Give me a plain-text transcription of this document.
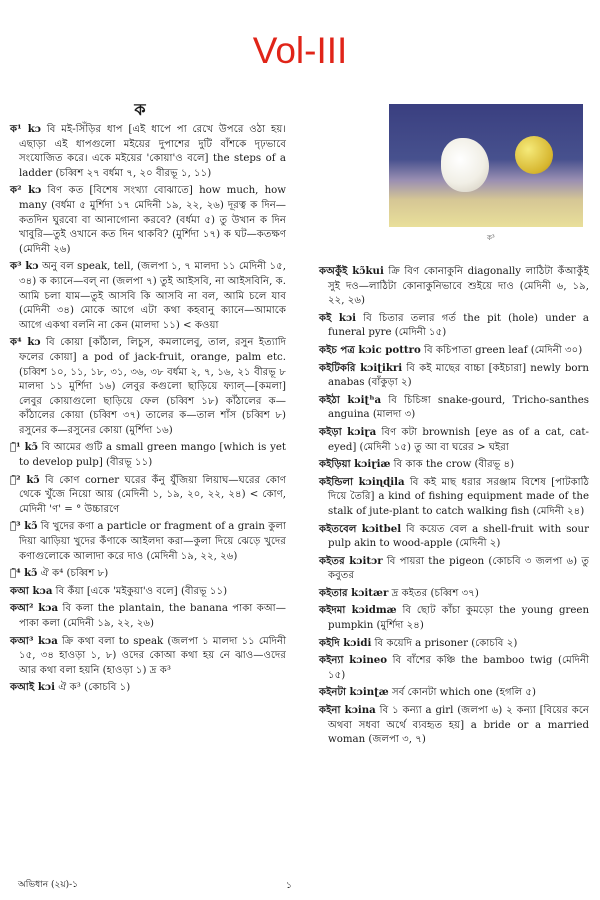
Vol-III
ক
ক³
ক¹ kɔ বি মই-সিঁড়ির ধাপ [এই ধাপে পা রেখে উপরে ওঠা হয়। এছাড়া এই ধাপগুলো মইয়ের দুপাশের দুটি বাঁশকে দৃঢ়ভাবে সংযোজিত করে। একে মইয়ের 'কোয়া'ও বলে] the steps of a ladder (চব্বিশ ২৭ বর্ধমা ৭, ২০ বীরভূ ১, ১১)
ক² kɔ বিণ কত [বিশেষ সংখ্যা বোঝাতে] how much, how many (বর্ধমা ৫ মুর্শিদা ১৭ মেদিনী ১৯, ২২, ২৬) দূরত্ব ক দিন—কতদিন ঘুরবো বা আনাগোনা করবে? (বর্ধমা ৫) তু উখান ক দিন খাবুরি—তুই ওখানে কত দিন থাকবি? (মুর্শিদা ১৭) ক ঘট—কতক্ষণ (মেদিনী ২৬)
ক³ kɔ অনু বল speak, tell, (জলপা ১, ৭ মালদা ১১ মেদিনী ১৫, ৩৪) ক ক্যানে—বল্ না (জলপা ৭) তুই আইসবি, না আইসবিনি, ক. আমি চলা যাম—তুই আসবি কি আসবি না বল, আমি চলে যাব (মেদিনী ৩৪) মোকে আগে এটা কথা কহবানু ক্যানে—আমাকে আগে একথা বলনি না কেন (মালদা ১১) < কওয়া
ক⁴ kɔ বি কোয়া [কাঁঠাল, লিচুস, কমলালেবু, তাল, রসুন ইত্যাদি ফলের কোয়া] a pod of jack-fruit, orange, palm etc. (চব্বিশ ১০, ১১, ১৮, ৩১, ৩৬, ৩৮ বর্ধমা ২, ৭, ১৬, ২১ বীরভূ ৮ মালদা ১১ মুর্শিদা ১৬) লেবুর কগুলো ছাড়িয়ে ফ্যাল্—[কমলা] লেবুর কোয়াগুলো ছাড়িয়ে ফেল (চব্বিশ ১৮) কাঁঠালের ক—কাঁঠালের কোয়া (চব্বিশ ৩৭) তালের ক—তাল শাঁস (চব্বিশ ৮) রসুনের ক—রসুনের কোয়া (মুর্শিদা ১৬)
ক̃¹ kɔ̃ বি আমের গুটি a small green mango [which is yet to develop pulp] (বীরভূ ১১)
ক̃² kɔ̃ বি কোণ corner ঘরের কঁনু যুঁজিয়া লিয়াঘ—ঘরের কোণ থেকে খুঁজে নিয়ো আয় (মেদিনী ১, ১৯, ২০, ২২, ২৪) < কোণ, মেদিনী 'ণ' = ° উচ্চারণে
ক̃³ kɔ̃ বি খুদের কণা a particle or fragment of a grain কুলা দিয়া ঝাড়িয়া খুদের কঁণাকে আইলদা করা—কুলা দিয়ে ঝেড়ে খুদের কণাগুলোকে আলাদা করে দাও (মেদিনী ১৯, ২২, ২৬)
ক̃⁴ kɔ̃ ঐ ক⁴ (চব্বিশ ৮)
কআ kɔa বি কঁয়া [একে 'মইকুয়া'ও বলে] (বীরভূ ১১)
কআ² kɔa বি কলা the plantain, the banana পাকা কআ—পাকা কলা (মেদিনী ১৯, ২২, ২৬)
কআ³ kɔa ক্রি কথা বলা to speak (জলপা ১ মালদা ১১ মেদিনী ১৫, ৩৪ হাওড়া ১, ৮) ওদের কোআ কথা হয় নে ঝাও—ওদের আর কথা বলা হয়নি (হাওড়া ১) দ্র ক³
কআই kɔi ঐ ক³ (কোচবি ১)
কঅকুঁই kɔ̃kui ক্রি বিণ কোনাকুনি diagonally লাঠিটা কঁআকুঁই সুই দও—লাঠিটা কোনাকুনিভাবে শুইয়ে দাও (মেদিনী ৬, ১৯, ২২, ২৬)
কই kɔi বি চিতার তলার গর্ত the pit (hole) under a funeral pyre (মেদিনী ১৫)
কইচ পত্র kɔic pottro বি কচিপাতা green leaf (মেদিনী ৩০)
কইটিকরি kɔiʈikri বি কই মাছের বাচ্চা [কইচারা] newly born anabas (বাঁকুড়া ২)
কইঠা kɔiʈʰa বি চিচিঙ্গা snake-gourd, Tricho-santhes anguina (মালদা ৩)
কইড়া kɔiɽa বিণ কটা brownish [eye as of a cat, cat-eyed] (মেদিনী ১৫) তু আ বা ঘরের > ঘইরা
কইড়িয়া kɔiɽiæ বি কাক the crow (বীরভূ ৪)
কইন্ডিলা kɔiɳɖila বি কই মাছ ধরার সরঞ্জাম বিশেষ [পাটকাঠি দিয়ে তৈরি] a kind of fishing equipment made of the stalk of jute-plant to catch walking fish (মেদিনী ২৪)
কইতবেল kɔitbel বি কয়েত বেল a shell-fruit with sour pulp akin to wood-apple (মেদিনী ২)
কইতর kɔitɔr বি পায়রা the pigeon (কোচবি ৩ জলপা ৬) তু কবুতর
কইতার kɔitær দ্র কইতর (চব্বিশ ৩৭)
কইদমা kɔidmæ বি ছোট কাঁচা কুমড়ো the young green pumpkin (মুর্শিদা ২৪)
কইদি kɔidi বি কয়েদি a prisoner (কোচবি ২)
কইন্যা kɔineo বি বাঁশের কঞ্চি the bamboo twig (মেদিনী ১৫)
কইনটা kɔinʈæ সর্ব কোনটা which one (হগলি ৫)
কইনা kɔina বি ১ কন্যা a girl (জলপা ৬) ২ কন্যা [বিয়ের কনে অথবা সধবা অর্থে ব্যবহৃত হয়] a bride or a married woman (জলপা ৩, ৭)
অভিধান (২য়)-১	১
